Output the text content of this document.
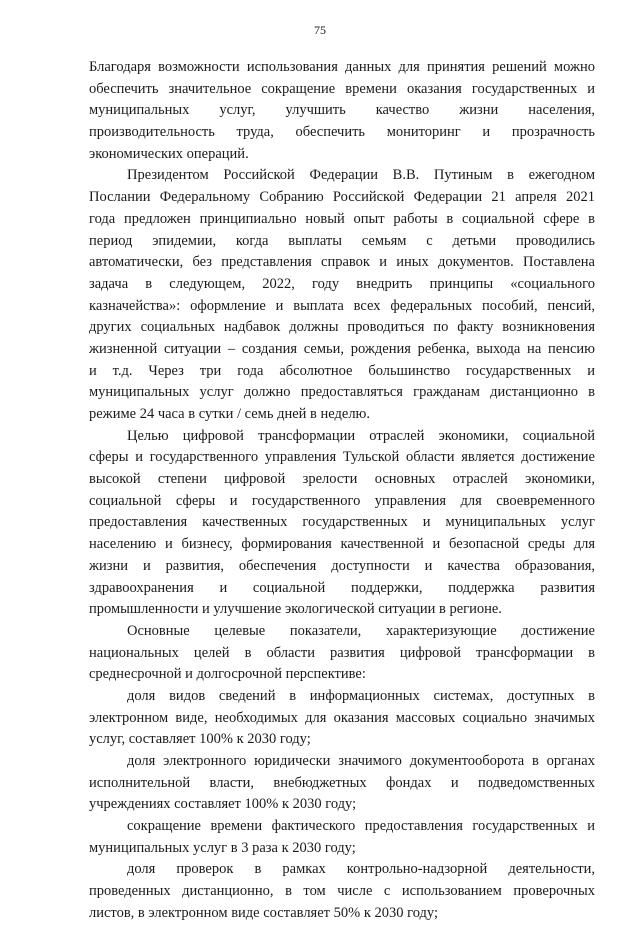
75
Благодаря возможности использования данных для принятия решений можно
обеспечить значительное сокращение времени оказания государственных и
муниципальных услуг, улучшить качество жизни населения,
производительность труда, обеспечить мониторинг и прозрачность
экономических операций.
Президентом Российской Федерации В.В. Путиным в ежегодном
Послании Федеральному Собранию Российской Федерации 21 апреля 2021
года предложен принципиально новый опыт работы в социальной сфере в
период эпидемии, когда выплаты семьям с детьми проводились
автоматически, без представления справок и иных документов. Поставлена
задача в следующем, 2022, году внедрить принципы «социального
казначейства»: оформление и выплата всех федеральных пособий, пенсий,
других социальных надбавок должны проводиться по факту возникновения
жизненной ситуации – создания семьи, рождения ребенка, выхода на пенсию
и т.д. Через три года абсолютное большинство государственных и
муниципальных услуг должно предоставляться гражданам дистанционно в
режиме 24 часа в сутки / семь дней в неделю.
Целью цифровой трансформации отраслей экономики, социальной
сферы и государственного управления Тульской области является достижение
высокой степени цифровой зрелости основных отраслей экономики,
социальной сферы и государственного управления для своевременного
предоставления качественных государственных и муниципальных услуг
населению и бизнесу, формирования качественной и безопасной среды для
жизни и развития, обеспечения доступности и качества образования,
здравоохранения и социальной поддержки, поддержка развития
промышленности и улучшение экологической ситуации в регионе.
Основные целевые показатели, характеризующие достижение
национальных целей в области развития цифровой трансформации в
среднесрочной и долгосрочной перспективе:
доля видов сведений в информационных системах, доступных в
электронном виде, необходимых для оказания массовых социально значимых
услуг, составляет 100% к 2030 году;
доля электронного юридически значимого документооборота в органах
исполнительной власти, внебюджетных фондах и подведомственных
учреждениях составляет 100% к 2030 году;
сокращение времени фактического предоставления государственных и
муниципальных услуг в 3 раза к 2030 году;
доля проверок в рамках контрольно-надзорной деятельности,
проведенных дистанционно, в том числе с использованием проверочных
листов, в электронном виде составляет 50% к 2030 году;
